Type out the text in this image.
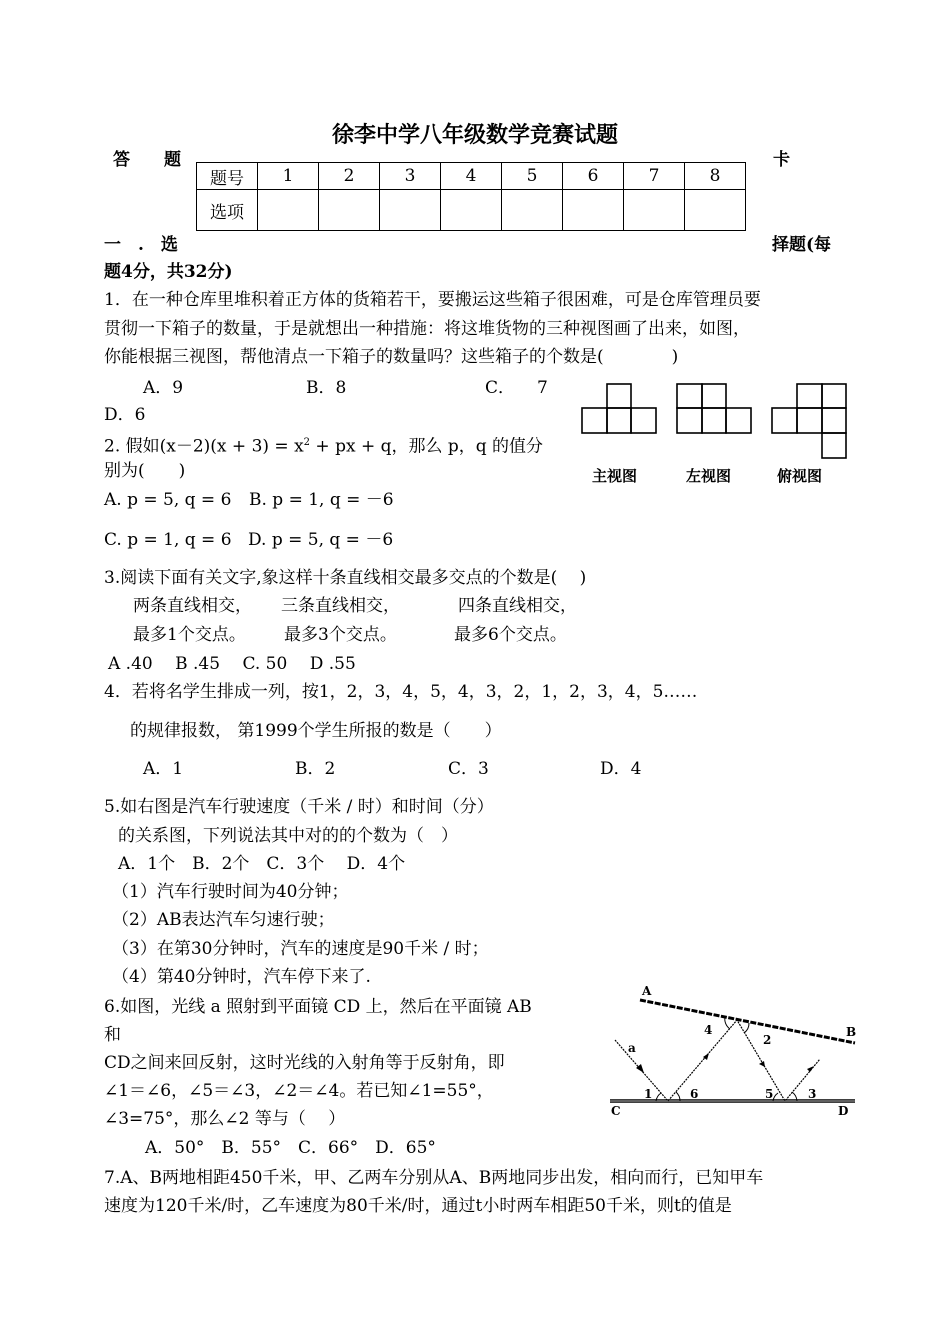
徐李中学八年级数学竞赛试题
答　　题	卡
题号	1	2	3	4	5	6	7	8
选项								
一　.　选	择题(每
题4分，共32分)
1．在一种仓库里堆积着正方体的货箱若干，要搬运这些箱子很困难，可是仓库管理员要
贯彻一下箱子的数量，于是就想出一种措施：将这堆货物的三种视图画了出来，如图，
你能根据三视图，帮他清点一下箱子的数量吗？这些箱子的个数是(　　　　)
A．9	B．8	C． 7
D．6
主视图	左视图	俯视图
2. 假如$(x-2)(x + 3) = x^2$ + px + q，那么 p，q 的值分
别为(　　)
A. p = 5, q = 6 B. p = 1, q = －6
C. p = 1, q = 6 D. p = 5, q = －6
3.阅读下面有关文字,象这样十条直线相交最多交点的个数是(　 )
两条直线相交， 三条直线相交，	四条直线相交，
最多1个交点。 最多3个交点。	最多6个交点。
A .40　 B .45　 C. 50　 D .55
4．若将名学生排成一列，按1，2，3，4，5，4，3，2，1，2，3，4，5……
的规律报数， 第1999个学生所报的数是（　　）
A．1	B．2	C．3	D．4
5.如右图是汽车行驶速度（千米 / 时）和时间（分）
的关系图，下列说法其中对的的个数为（　）
A．1个　B．2个　C．3个　 D．4个
（1）汽车行驶时间为40分钟；
（2）AB表达汽车匀速行驶；
（3）在第30分钟时，汽车的速度是90千米 / 时；
（4）第40分钟时，汽车停下来了.
6.如图，光线 a 照射到平面镜 CD 上，然后在平面镜 AB
和
CD之间来回反射，这时光线的入射角等于反射角，即
∠1＝∠6，∠5＝∠3，∠2＝∠4。若已知∠1=55°，
∠3=75°，那么∠2 等与（　 ）
A．50°　B．55°　C．66°　D．65°
A
B
C	D
a
1
2
3
4
5
6
7.A、B两地相距450千米，甲、乙两车分别从A、B两地同步出发，相向而行，已知甲车
速度为120千米/时，乙车速度为80千米/时，通过t小时两车相距50千米，则t的值是
